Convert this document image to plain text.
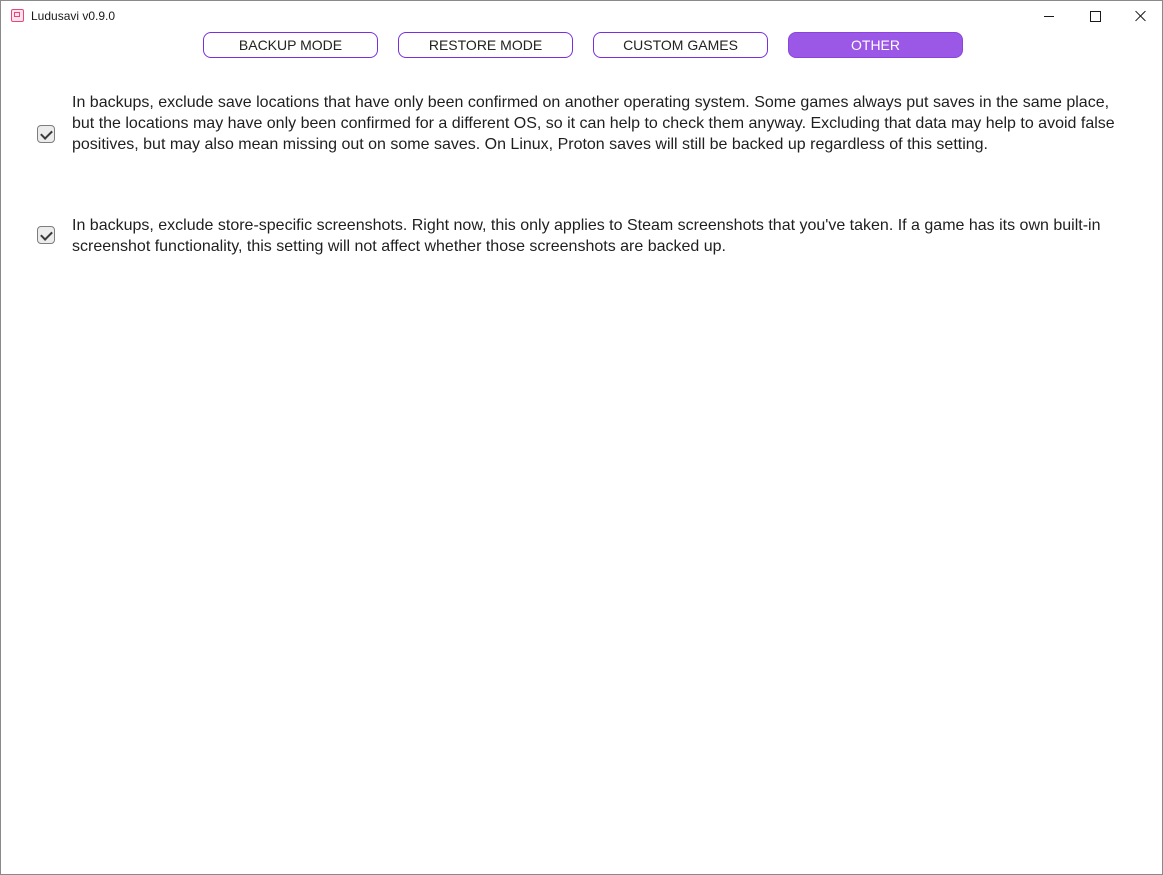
Ludusavi v0.9.0
BACKUP MODE	RESTORE MODE	CUSTOM GAMES	OTHER

In backups, exclude save locations that have only been confirmed on another operating system. Some games always put saves in the same place, but the locations may have only been confirmed for a different OS, so it can help to check them anyway. Excluding that data may help to avoid false positives, but may also mean missing out on some saves. On Linux, Proton saves will still be backed up regardless of this setting.

In backups, exclude store-specific screenshots. Right now, this only applies to Steam screenshots that you've taken. If a game has its own built-in screenshot functionality, this setting will not affect whether those screenshots are backed up.
